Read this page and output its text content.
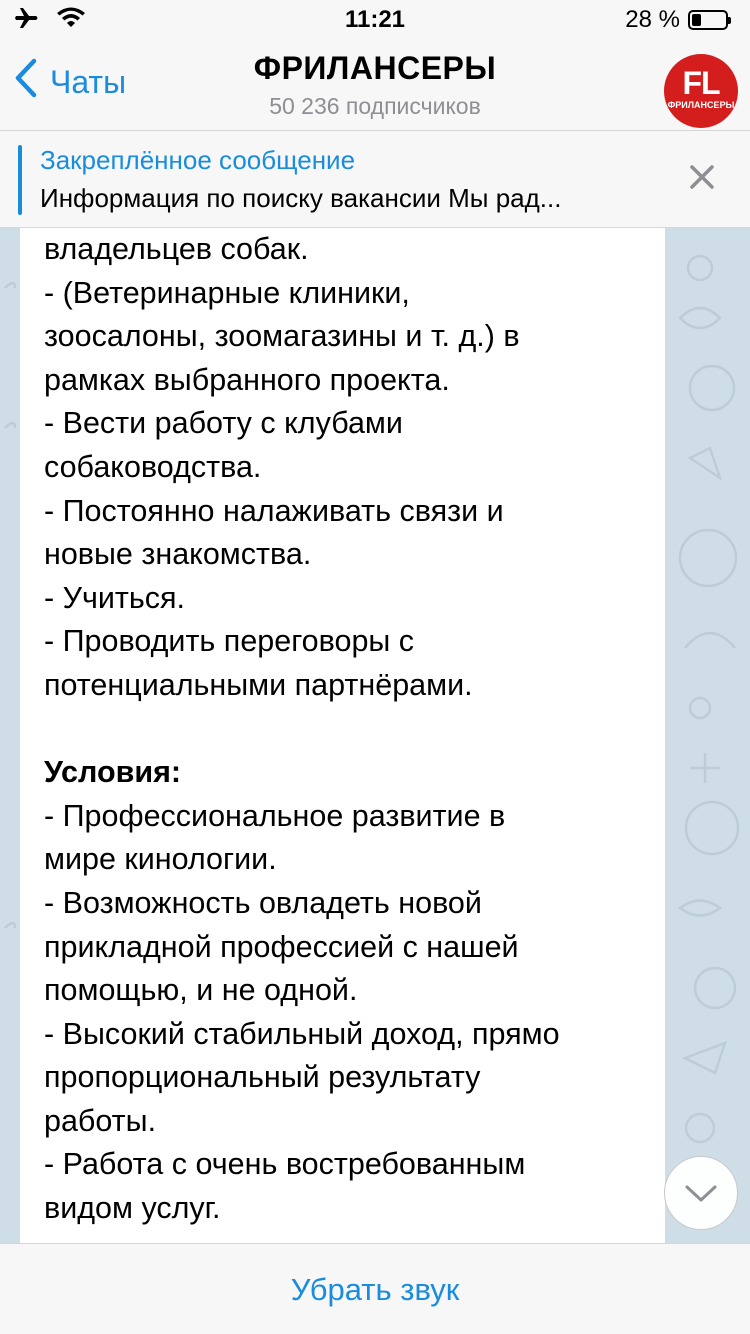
11:21	28 %
Чаты	ФРИЛАНСЕРЫ
50 236 подписчиков
FL
ФРИЛАНСЕРЫ
Закреплённое сообщение
Информация по поиску вакансии Мы рад...
владельцев собак.
- (Ветеринарные клиники,
зоосалоны, зоомагазины и т. д.) в
рамках выбранного проекта.
- Вести работу с клубами
собаководства.
- Постоянно налаживать связи и
новые знакомства.
- Учиться.
- Проводить переговоры с
потенциальными партнёрами.
Условия:
- Профессиональное развитие в
мире кинологии.
- Возможность овладеть новой
прикладной профессией с нашей
помощью, и не одной.
- Высокий стабильный доход, прямо
пропорциональный результату
работы.
- Работа с очень востребованным
видом услуг.
Убрать звук
